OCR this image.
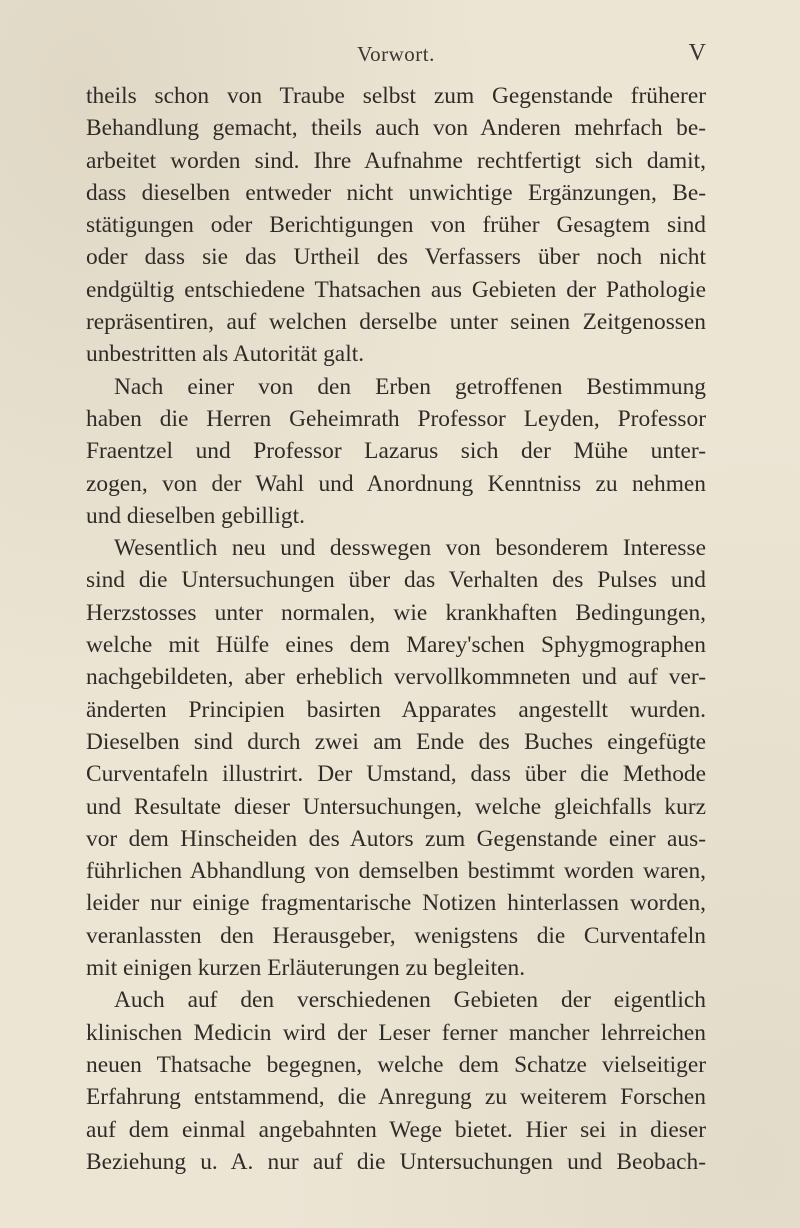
Vorwort.	V
theils schon von Traube selbst zum Gegenstande früherer
Behandlung gemacht, theils auch von Anderen mehrfach be-
arbeitet worden sind. Ihre Aufnahme rechtfertigt sich damit,
dass dieselben entweder nicht unwichtige Ergänzungen, Be-
stätigungen oder Berichtigungen von früher Gesagtem sind
oder dass sie das Urtheil des Verfassers über noch nicht
endgültig entschiedene Thatsachen aus Gebieten der Pathologie
repräsentiren, auf welchen derselbe unter seinen Zeitgenossen
unbestritten als Autorität galt.
Nach einer von den Erben getroffenen Bestimmung
haben die Herren Geheimrath Professor Leyden, Professor
Fraentzel und Professor Lazarus sich der Mühe unter-
zogen, von der Wahl und Anordnung Kenntniss zu nehmen
und dieselben gebilligt.
Wesentlich neu und desswegen von besonderem Interesse
sind die Untersuchungen über das Verhalten des Pulses und
Herzstosses unter normalen, wie krankhaften Bedingungen,
welche mit Hülfe eines dem Marey'schen Sphygmographen
nachgebildeten, aber erheblich vervollkommneten und auf ver-
änderten Principien basirten Apparates angestellt wurden.
Dieselben sind durch zwei am Ende des Buches eingefügte
Curventafeln illustrirt. Der Umstand, dass über die Methode
und Resultate dieser Untersuchungen, welche gleichfalls kurz
vor dem Hinscheiden des Autors zum Gegenstande einer aus-
führlichen Abhandlung von demselben bestimmt worden waren,
leider nur einige fragmentarische Notizen hinterlassen worden,
veranlassten den Herausgeber, wenigstens die Curventafeln
mit einigen kurzen Erläuterungen zu begleiten.
Auch auf den verschiedenen Gebieten der eigentlich
klinischen Medicin wird der Leser ferner mancher lehrreichen
neuen Thatsache begegnen, welche dem Schatze vielseitiger
Erfahrung entstammend, die Anregung zu weiterem Forschen
auf dem einmal angebahnten Wege bietet. Hier sei in dieser
Beziehung u. A. nur auf die Untersuchungen und Beobach-
